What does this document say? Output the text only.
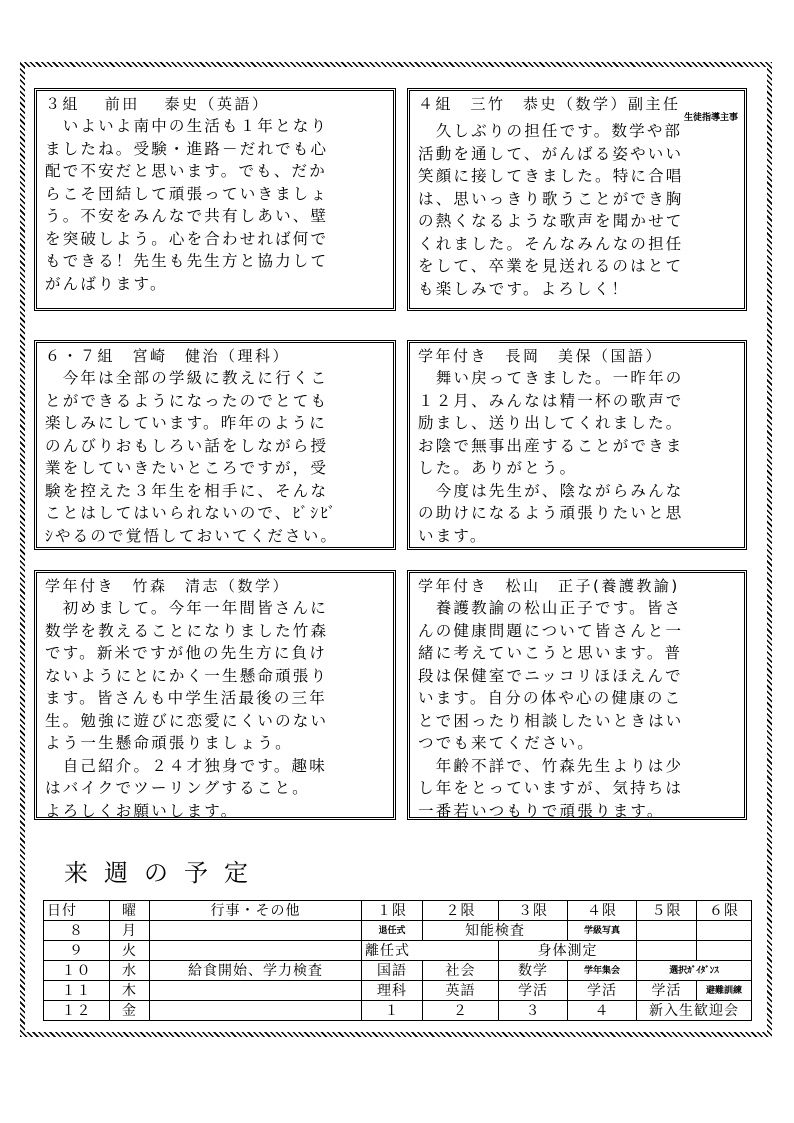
３組　 前田　 泰史（英語）

　いよいよ南中の生活も１年となり

ましたね。受験・進路－だれでも心

配で不安だと思います。でも、だか

らこそ団結して頑張っていきましょ

う。不安をみんなで共有しあい、壁

を突破しよう。心を合わせれば何で

もできる！先生も先生方と協力して

がんばります。

４組　三竹　恭史（数学）副主任
生徒指導主事

　久しぶりの担任です。数学や部

活動を通して、がんばる姿やいい

笑顔に接してきました。特に合唱

は、思いっきり歌うことができ胸

の熱くなるような歌声を聞かせて

くれました。そんなみんなの担任

をして、卒業を見送れるのはとて

も楽しみです。よろしく！

６・７組　宮崎　健治（理科）

　今年は全部の学級に教えに行くこ

とができるようになったのでとても

楽しみにしています。昨年のように

のんびりおもしろい話をしながら授

業をしていきたいところですが，受

験を控えた３年生を相手に、そんな

ことはしてはいられないので、ﾋﾞｼﾋﾞ

ｼやるので覚悟しておいてください。

学年付き　長岡　美保（国語）

　舞い戻ってきました。一昨年の

１２月、みんなは精一杯の歌声で

励まし、送り出してくれました。

お陰で無事出産することができま

した。ありがとう。

　今度は先生が、陰ながらみんな

の助けになるよう頑張りたいと思

います。

学年付き　竹森　清志（数学）

　初めまして。今年一年間皆さんに

数学を教えることになりました竹森

です。新米ですが他の先生方に負け

ないようにとにかく一生懸命頑張り

ます。皆さんも中学生活最後の三年

生。勉強に遊びに恋愛にくいのない

よう一生懸命頑張りましょう。

　自己紹介。２４才独身です。趣味

はバイクでツーリングすること。

よろしくお願いします。

学年付き　松山　正子(養護教諭)

　養護教諭の松山正子です。皆さ

んの健康問題について皆さんと一

緒に考えていこうと思います。普

段は保健室でニッコリほほえんで

います。自分の体や心の健康のこ

とで困ったり相談したいときはい

つでも来てください。

　年齢不詳で、竹森先生よりは少

し年をとっていますが、気持ちは

一番若いつもりで頑張ります。

来週の予定
日付	曜	行事・その他	１限	２限	３限	４限	５限	６限
８	月		退任式	知能検査		学級写真		
９	火		離任式		身体測定			
１０	水	給食開始、学力検査	国語	社会	数学	学年集会	選択ｶﾞｲﾀﾞﾝｽ	
１１	木		理科	英語	学活	学活	学活	避難訓練
１２	金		１	２	３	４	新入生歓迎会	
